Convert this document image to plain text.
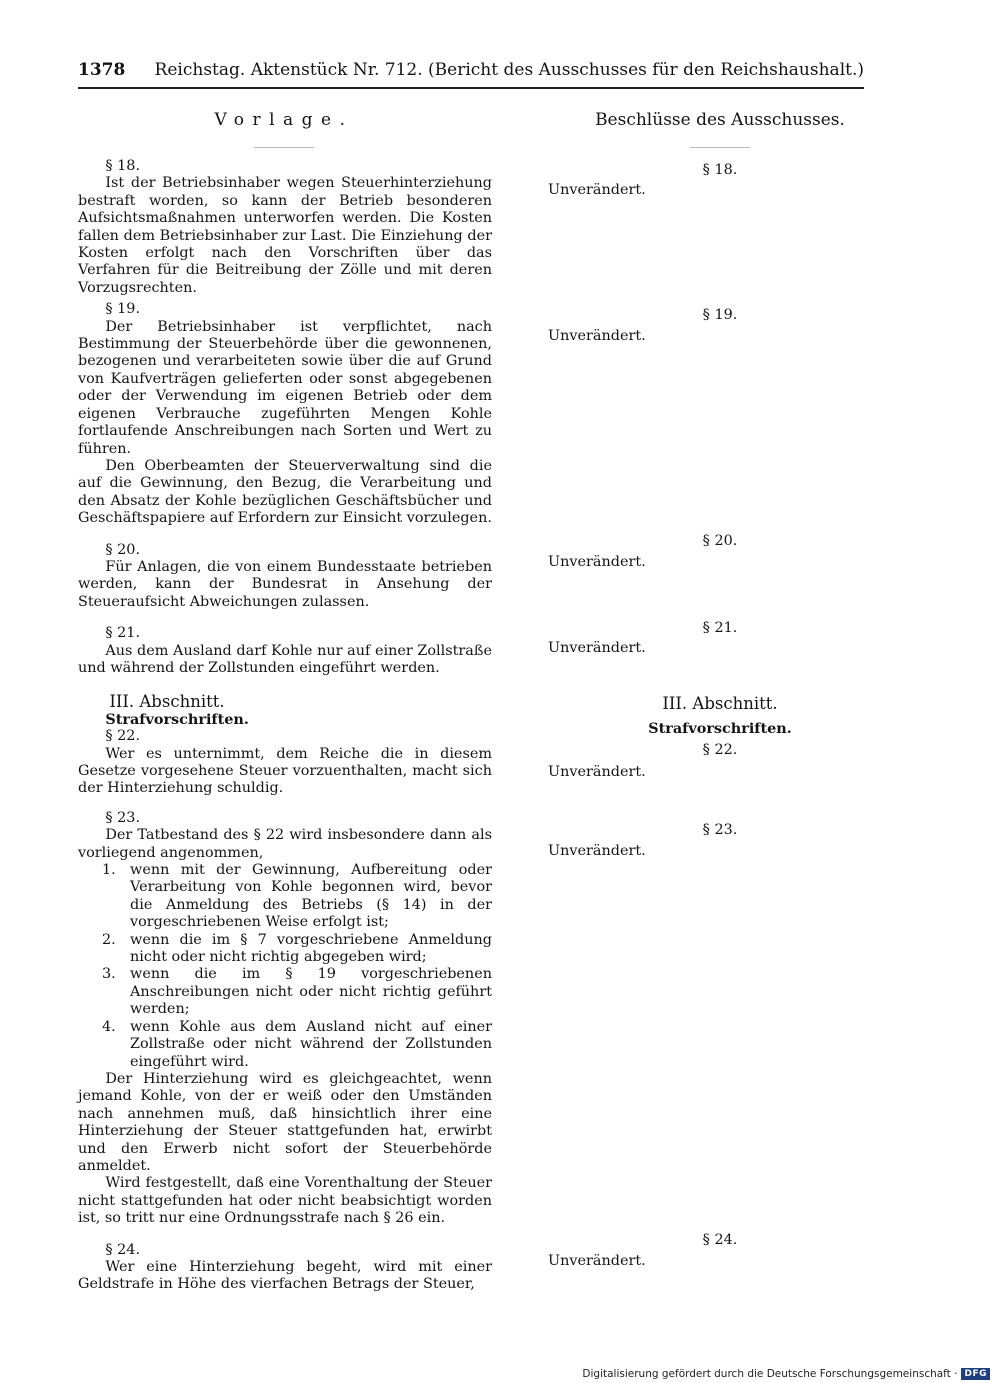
1378 Reichstag. Aktenstück Nr. 712. (Bericht des Ausschusses für den Reichshaushalt.)
Vorlage.	Beschlüsse des Ausschusses.

§ 18.

Ist der Betriebsinhaber wegen Steuerhinterziehung bestraft worden, so kann der Betrieb besonderen Aufsichtsmaßnahmen unterworfen werden. Die Kosten fallen dem Betriebsinhaber zur Last. Die Einziehung der Kosten erfolgt nach den Vorschriften über das Verfahren für die Beitreibung der Zölle und mit deren Vorzugsrechten.

§ 19.

Der Betriebsinhaber ist verpflichtet, nach Bestimmung der Steuerbehörde über die gewonnenen, bezogenen und verarbeiteten sowie über die auf Grund von Kaufverträgen gelieferten oder sonst abgegebenen oder der Verwendung im eigenen Betrieb oder dem eigenen Verbrauche zugeführten Mengen Kohle fortlaufende Anschreibungen nach Sorten und Wert zu führen.

Den Oberbeamten der Steuerverwaltung sind die auf die Gewinnung, den Bezug, die Verarbeitung und den Absatz der Kohle bezüglichen Geschäftsbücher und Geschäftspapiere auf Erfordern zur Einsicht vorzulegen.

§ 20.

Für Anlagen, die von einem Bundesstaate betrieben werden, kann der Bundesrat in Ansehung der Steueraufsicht Abweichungen zulassen.

§ 21.

Aus dem Ausland darf Kohle nur auf einer Zollstraße und während der Zollstunden eingeführt werden.

III. Abschnitt.

Strafvorschriften.

§ 22.

Wer es unternimmt, dem Reiche die in diesem Gesetze vorgesehene Steuer vorzuenthalten, macht sich der Hinterziehung schuldig.

§ 23.

Der Tatbestand des § 22 wird insbesondere dann als vorliegend angenommen,

1. wenn mit der Gewinnung, Aufbereitung oder Verarbeitung von Kohle begonnen wird, bevor die Anmeldung des Betriebs (§ 14) in der vorgeschriebenen Weise erfolgt ist;
2. wenn die im § 7 vorgeschriebene Anmeldung nicht oder nicht richtig abgegeben wird;
3. wenn die im § 19 vorgeschriebenen Anschreibungen nicht oder nicht richtig geführt werden;
4. wenn Kohle aus dem Ausland nicht auf einer Zollstraße oder nicht während der Zollstunden eingeführt wird.

Der Hinterziehung wird es gleichgeachtet, wenn jemand Kohle, von der er weiß oder den Umständen nach annehmen muß, daß hinsichtlich ihrer eine Hinterziehung der Steuer stattgefunden hat, erwirbt und den Erwerb nicht sofort der Steuerbehörde anmeldet.

Wird festgestellt, daß eine Vorenthaltung der Steuer nicht stattgefunden hat oder nicht beabsichtigt worden ist, so tritt nur eine Ordnungsstrafe nach § 26 ein.

§ 24.

Wer eine Hinterziehung begeht, wird mit einer Geldstrafe in Höhe des vierfachen Betrags der Steuer,

§ 18.
Unverändert.
§ 19.
Unverändert.
§ 20.
Unverändert.
§ 21.
Unverändert.
III. Abschnitt.
Strafvorschriften.
§ 22.
Unverändert.
§ 23.
Unverändert.
§ 24.
Unverändert.
Digitalisierung gefördert durch die Deutsche Forschungsgemeinschaft · DFG
